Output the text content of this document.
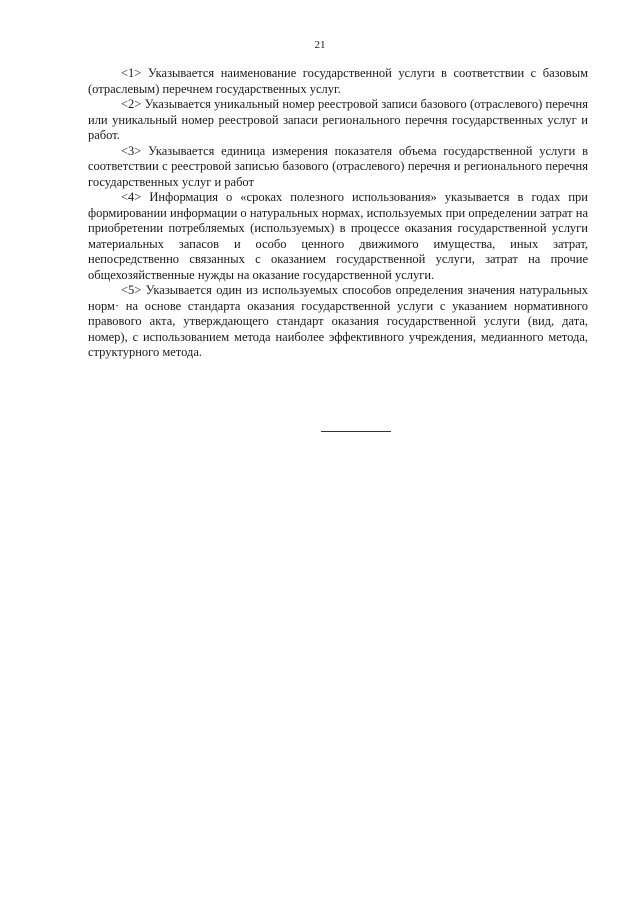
21

<1> Указывается наименование государственной услуги в соответствии с базовым (отраслевым) перечнем государственных услуг.

<2> Указывается уникальный номер реестровой записи базового (отраслевого) перечня или уникальный номер реестровой запаси регионального перечня государственных услуг и работ.

<3> Указывается единица измерения показателя объема государственной услуги в соответствии с реестровой записью базового (отраслевого) перечня и регионального перечня государственных услуг и работ

<4> Информация о «сроках полезного использования» указывается в годах при формировании информации о натуральных нормах, используемых при определении затрат на приобретении потребляемых (используемых) в процессе оказания государственной услуги материальных запасов и особо ценного движимого имущества, иных затрат, непосредственно связанных с оказанием государственной услуги, затрат на прочие общехозяйственные нужды на оказание государственной услуги.

<5> Указывается один из используемых способов определения значения натуральных норм· на основе стандарта оказания государственной услуги с указанием нормативного правового акта, утверждающего стандарт оказания государственной услуги (вид, дата, номер), с использованием метода наиболее эффективного учреждения, медианного метода, структурного метода.
